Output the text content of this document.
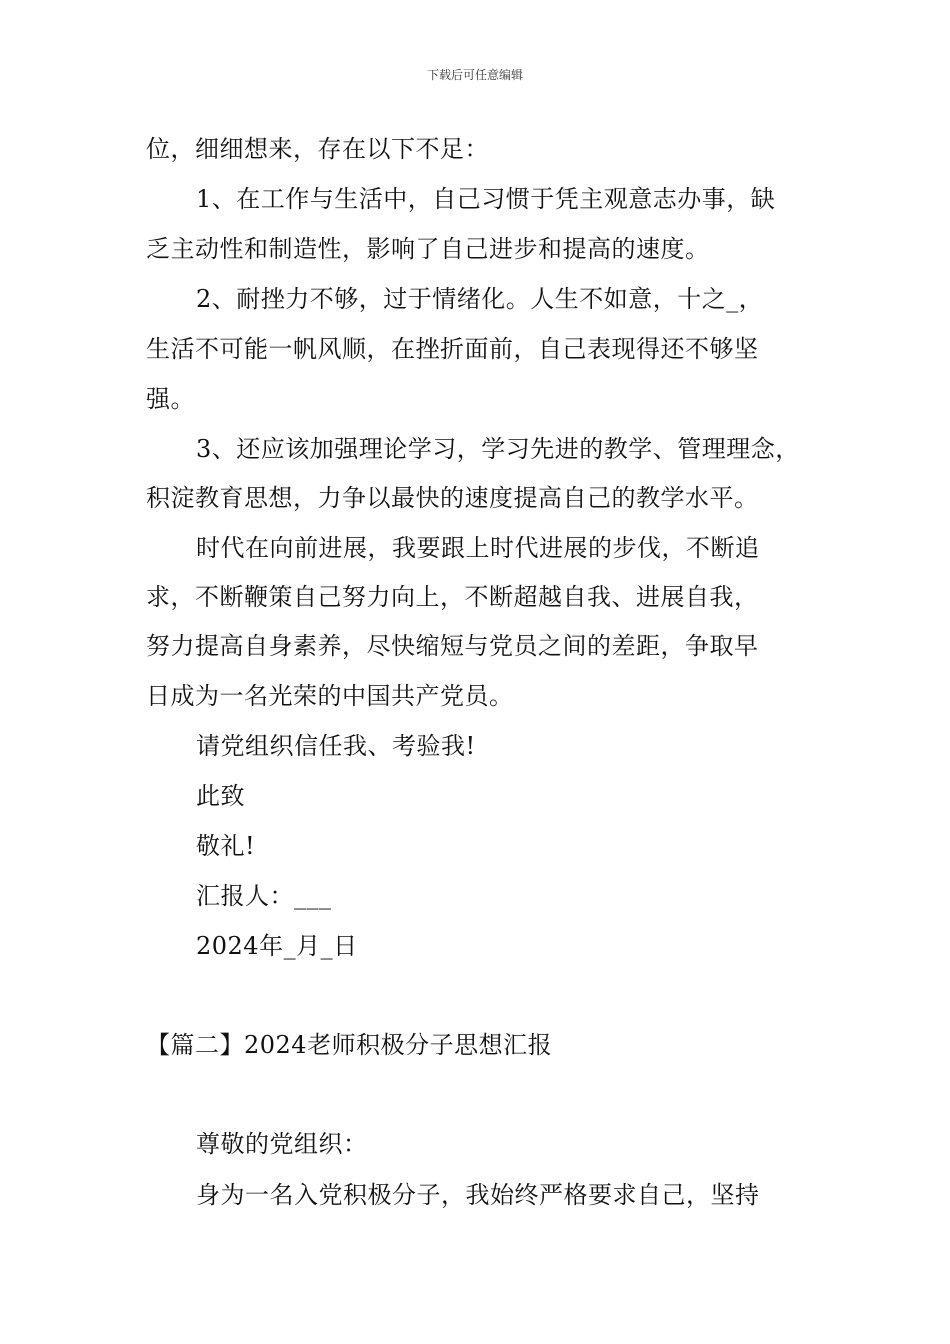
下载后可任意编辑
位，细细想来，存在以下不足：
1、在工作与生活中，自己习惯于凭主观意志办事，缺
乏主动性和制造性，影响了自己进步和提高的速度。
2、耐挫力不够，过于情绪化。人生不如意，十之_，
生活不可能一帆风顺，在挫折面前，自己表现得还不够坚
强。
3、还应该加强理论学习，学习先进的教学、管理理念，
积淀教育思想，力争以最快的速度提高自己的教学水平。
时代在向前进展，我要跟上时代进展的步伐，不断追
求，不断鞭策自己努力向上，不断超越自我、进展自我，
努力提高自身素养，尽快缩短与党员之间的差距，争取早
日成为一名光荣的中国共产党员。
请党组织信任我、考验我!
此致
敬礼!
汇报人：___
2024年_月_日
【篇二】2024老师积极分子思想汇报
尊敬的党组织：
身为一名入党积极分子，我始终严格要求自己，坚持
